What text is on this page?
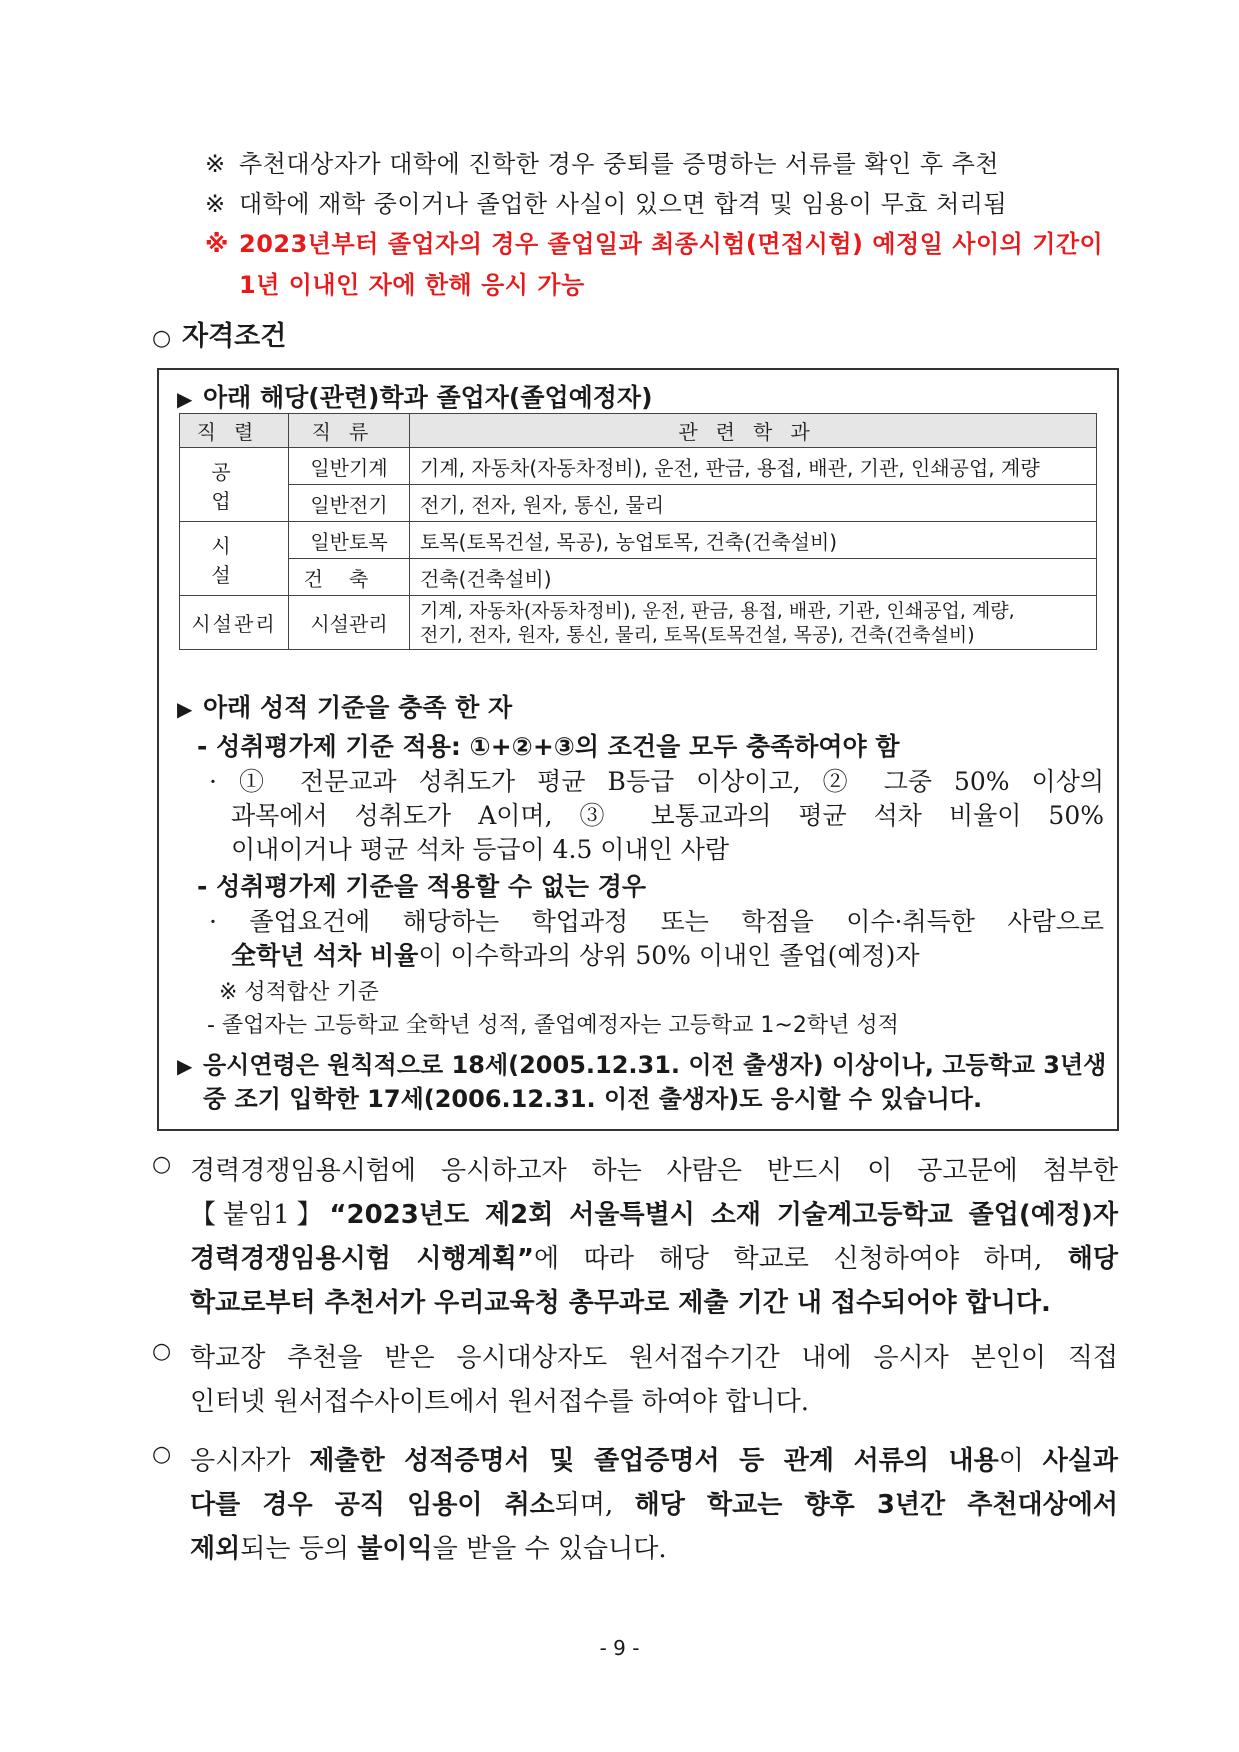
※ 추천대상자가 대학에 진학한 경우 중퇴를 증명하는 서류를 확인 후 추천
※ 대학에 재학 중이거나 졸업한 사실이 있으면 합격 및 임용이 무효 처리됨
※ 2023년부터 졸업자의 경우 졸업일과 최종시험(면접시험) 예정일 사이의 기간이
1년 이내인 자에 한해 응시 가능
○ 자격조건
▶ 아래 해당(관련)학과 졸업자(졸업예정자)
직렬	직류	관련학과
공업	일반기계	기계, 자동차(자동차정비), 운전, 판금, 용접, 배관, 기관, 인쇄공업, 계량
	일반전기	전기, 전자, 원자, 통신, 물리
시설	일반토목	토목(토목건설, 목공), 농업토목, 건축(건축설비)
	건축	건축(건축설비)
시설관리	시설관리	기계, 자동차(자동차정비), 운전, 판금, 용접, 배관, 기관, 인쇄공업, 계량,
전기, 전자, 원자, 통신, 물리, 토목(토목건설, 목공), 건축(건축설비)
▶ 아래 성적 기준을 충족 한 자
- 성취평가제 기준 적용: ①+②+③의 조건을 모두 충족하여야 함
· ① 전문교과 성취도가 평균 B등급 이상이고, ② 그중 50% 이상의
과목에서 성취도가 A이며, ③ 보통교과의 평균 석차 비율이 50%
이내이거나 평균 석차 등급이 4.5 이내인 사람
- 성취평가제 기준을 적용할 수 없는 경우
· 졸업요건에 해당하는 학업과정 또는 학점을 이수·취득한 사람으로
全학년 석차 비율이 이수학과의 상위 50% 이내인 졸업(예정)자
※ 성적합산 기준
- 졸업자는 고등학교 全학년 성적, 졸업예정자는 고등학교 1~2학년 성적
▶ 응시연령은 원칙적으로 18세(2005.12.31. 이전 출생자) 이상이나, 고등학교 3년생
중 조기 입학한 17세(2006.12.31. 이전 출생자)도 응시할 수 있습니다.
○ 경력경쟁임용시험에 응시하고자 하는 사람은 반드시 이 공고문에 첨부한
【붙임1】“2023년도 제2회 서울특별시 소재 기술계고등학교 졸업(예정)자
경력경쟁임용시험 시행계획”에 따라 해당 학교로 신청하여야 하며, 해당
학교로부터 추천서가 우리교육청 총무과로 제출 기간 내 접수되어야 합니다.
○ 학교장 추천을 받은 응시대상자도 원서접수기간 내에 응시자 본인이 직접
인터넷 원서접수사이트에서 원서접수를 하여야 합니다.
○ 응시자가 제출한 성적증명서 및 졸업증명서 등 관계 서류의 내용이 사실과
다를 경우 공직 임용이 취소되며, 해당 학교는 향후 3년간 추천대상에서
제외되는 등의 불이익을 받을 수 있습니다.
- 9 -
